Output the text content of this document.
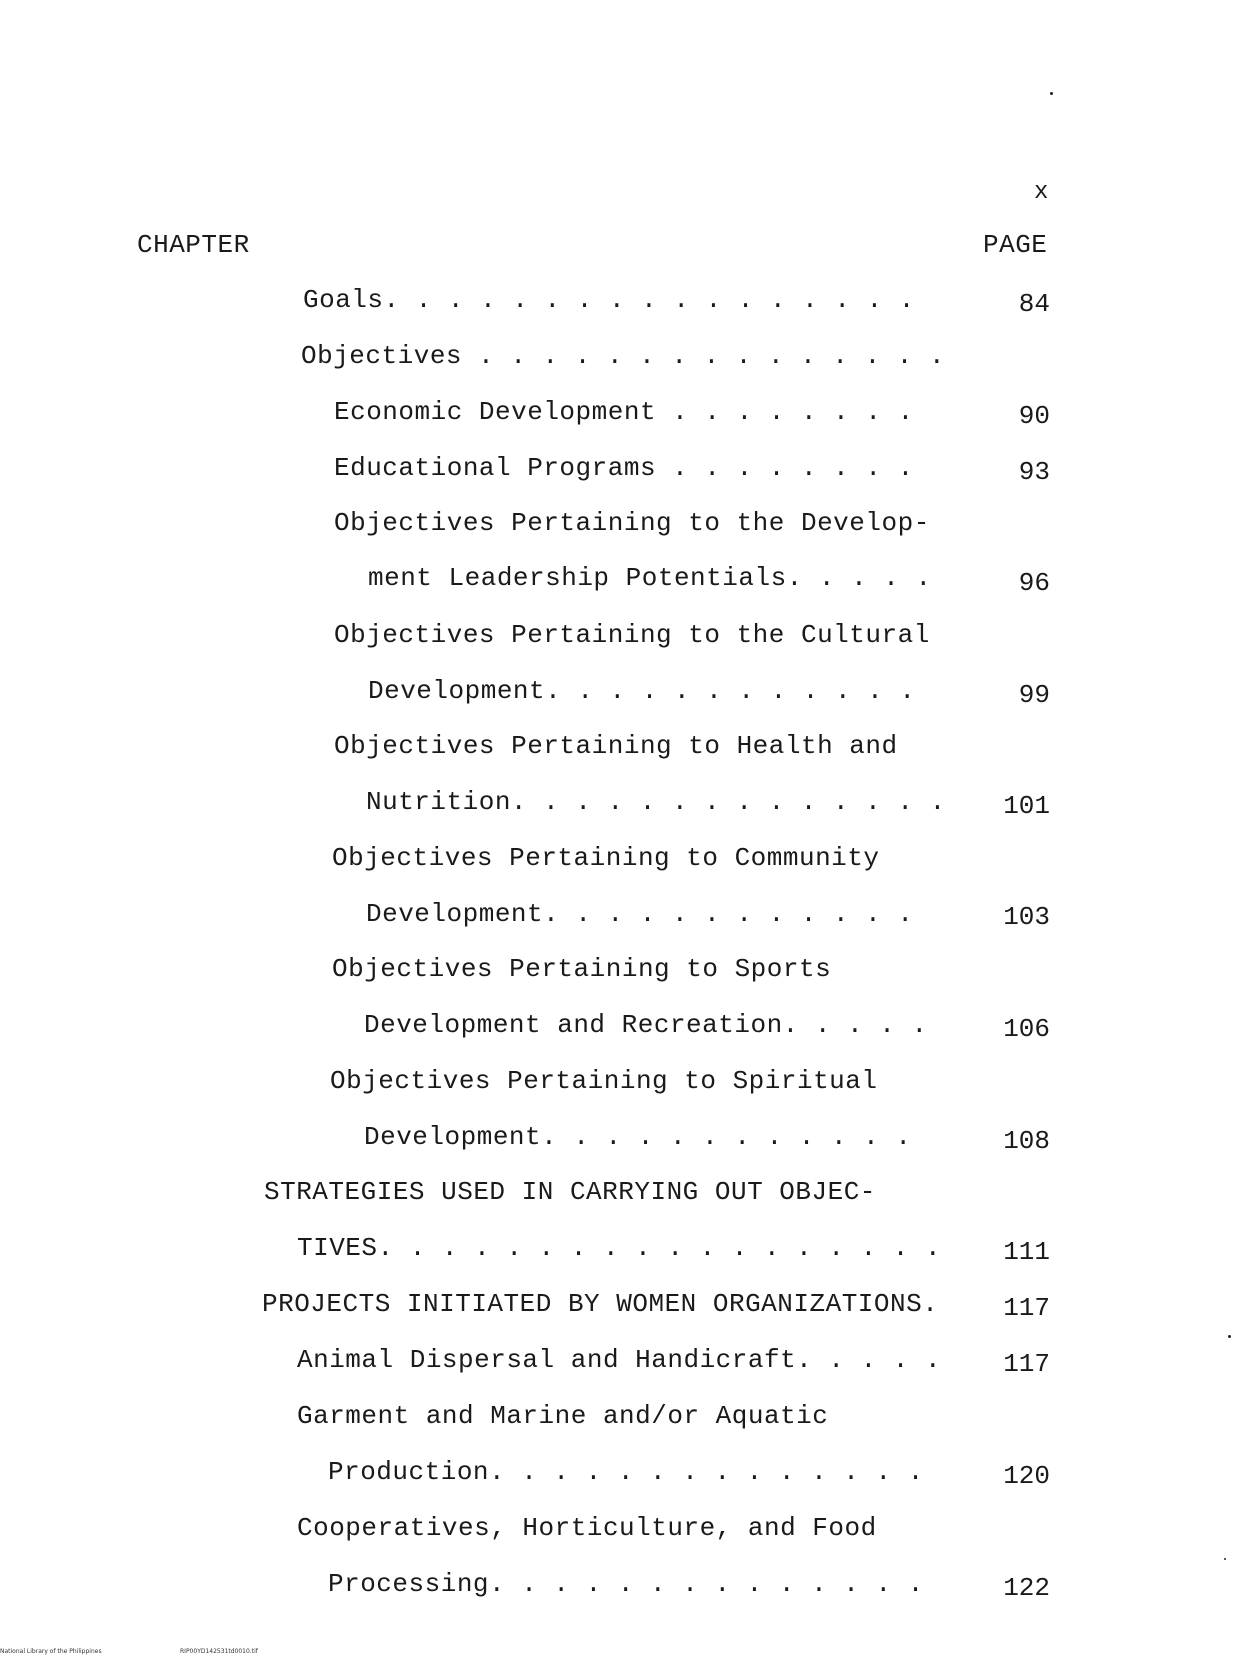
x
CHAPTER	PAGE
Goals. . . . . . . . . . . . . . . . .	84
Objectives . . . . . . . . . . . . . . .
Economic Development . . . . . . . .	90
Educational Programs . . . . . . . .	93
Objectives Pertaining to the Develop-
ment Leadership Potentials. . . . .	96
Objectives Pertaining to the Cultural
Development. . . . . . . . . . . .	99
Objectives Pertaining to Health and
Nutrition. . . . . . . . . . . . . .	101
Objectives Pertaining to Community
Development. . . . . . . . . . . .	103
Objectives Pertaining to Sports
Development and Recreation. . . . .	106
Objectives Pertaining to Spiritual
Development. . . . . . . . . . . .	108
STRATEGIES USED IN CARRYING OUT OBJEC-
TIVES. . . . . . . . . . . . . . . . . .	111
PROJECTS INITIATED BY WOMEN ORGANIZATIONS.	117
Animal Dispersal and Handicraft. . . . .	117
Garment and Marine and/or Aquatic
Production. . . . . . . . . . . . . .	120
Cooperatives, Horticulture, and Food
Processing. . . . . . . . . . . . . .	122
National Library of the Philippines	RIP00YD142531td0010.tif
